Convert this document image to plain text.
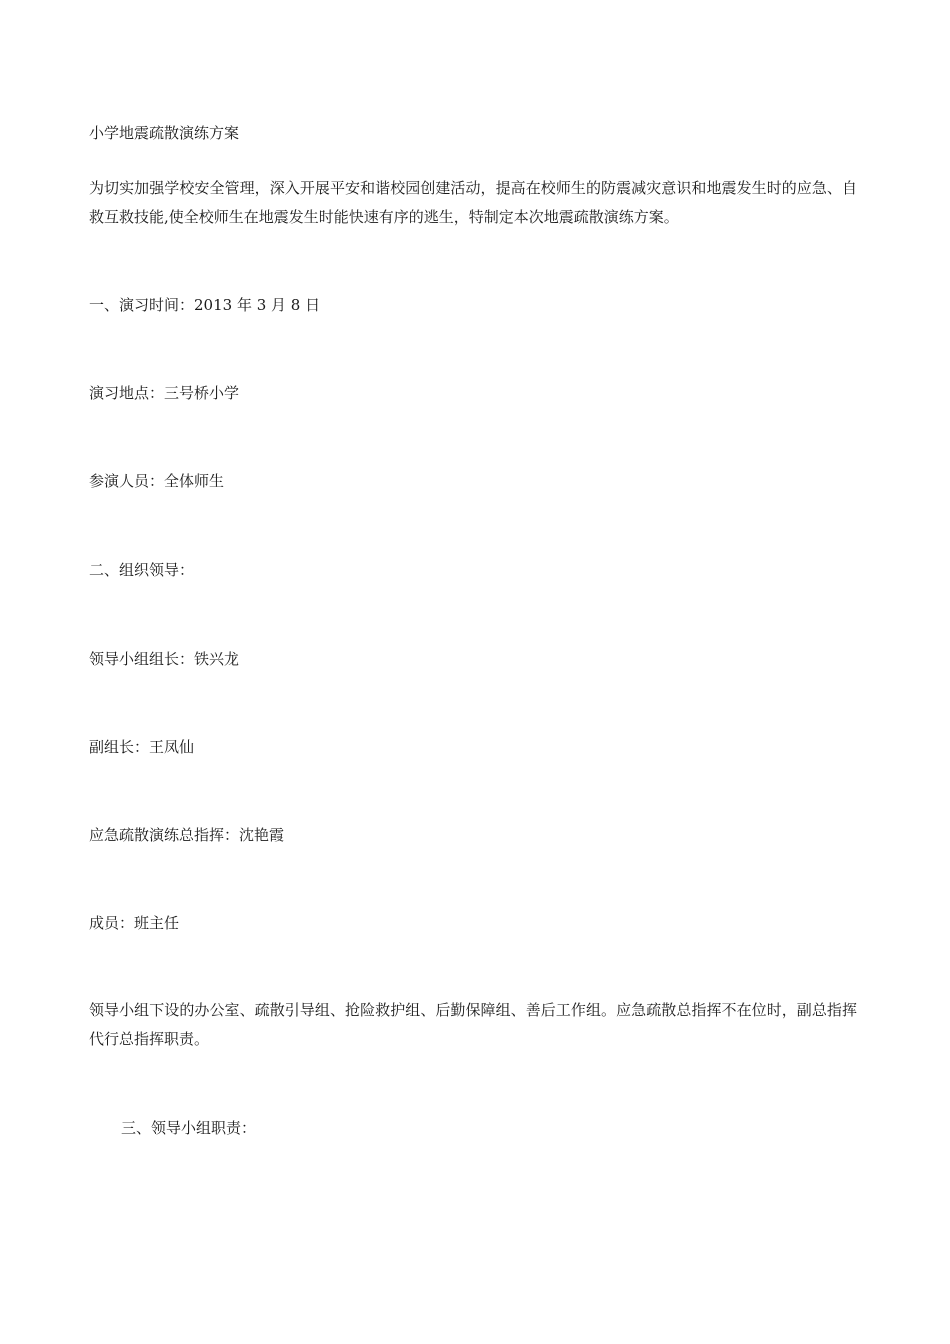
小学地震疏散演练方案

为切实加强学校安全管理，深入开展平安和谐校园创建活动，提高在校师生的防震减灾意识和地震发生时的应急、自救互救技能,使全校师生在地震发生时能快速有序的逃生，特制定本次地震疏散演练方案。

一、演习时间：2013 年 3 月 8 日

演习地点：三号桥小学

参演人员：全体师生

二、组织领导：

领导小组组长：铁兴龙

副组长：王凤仙

应急疏散演练总指挥：沈艳霞

成员：班主任

领导小组下设的办公室、疏散引导组、抢险救护组、后勤保障组、善后工作组。应急疏散总指挥不在位时，副总指挥代行总指挥职责。

三、领导小组职责：
